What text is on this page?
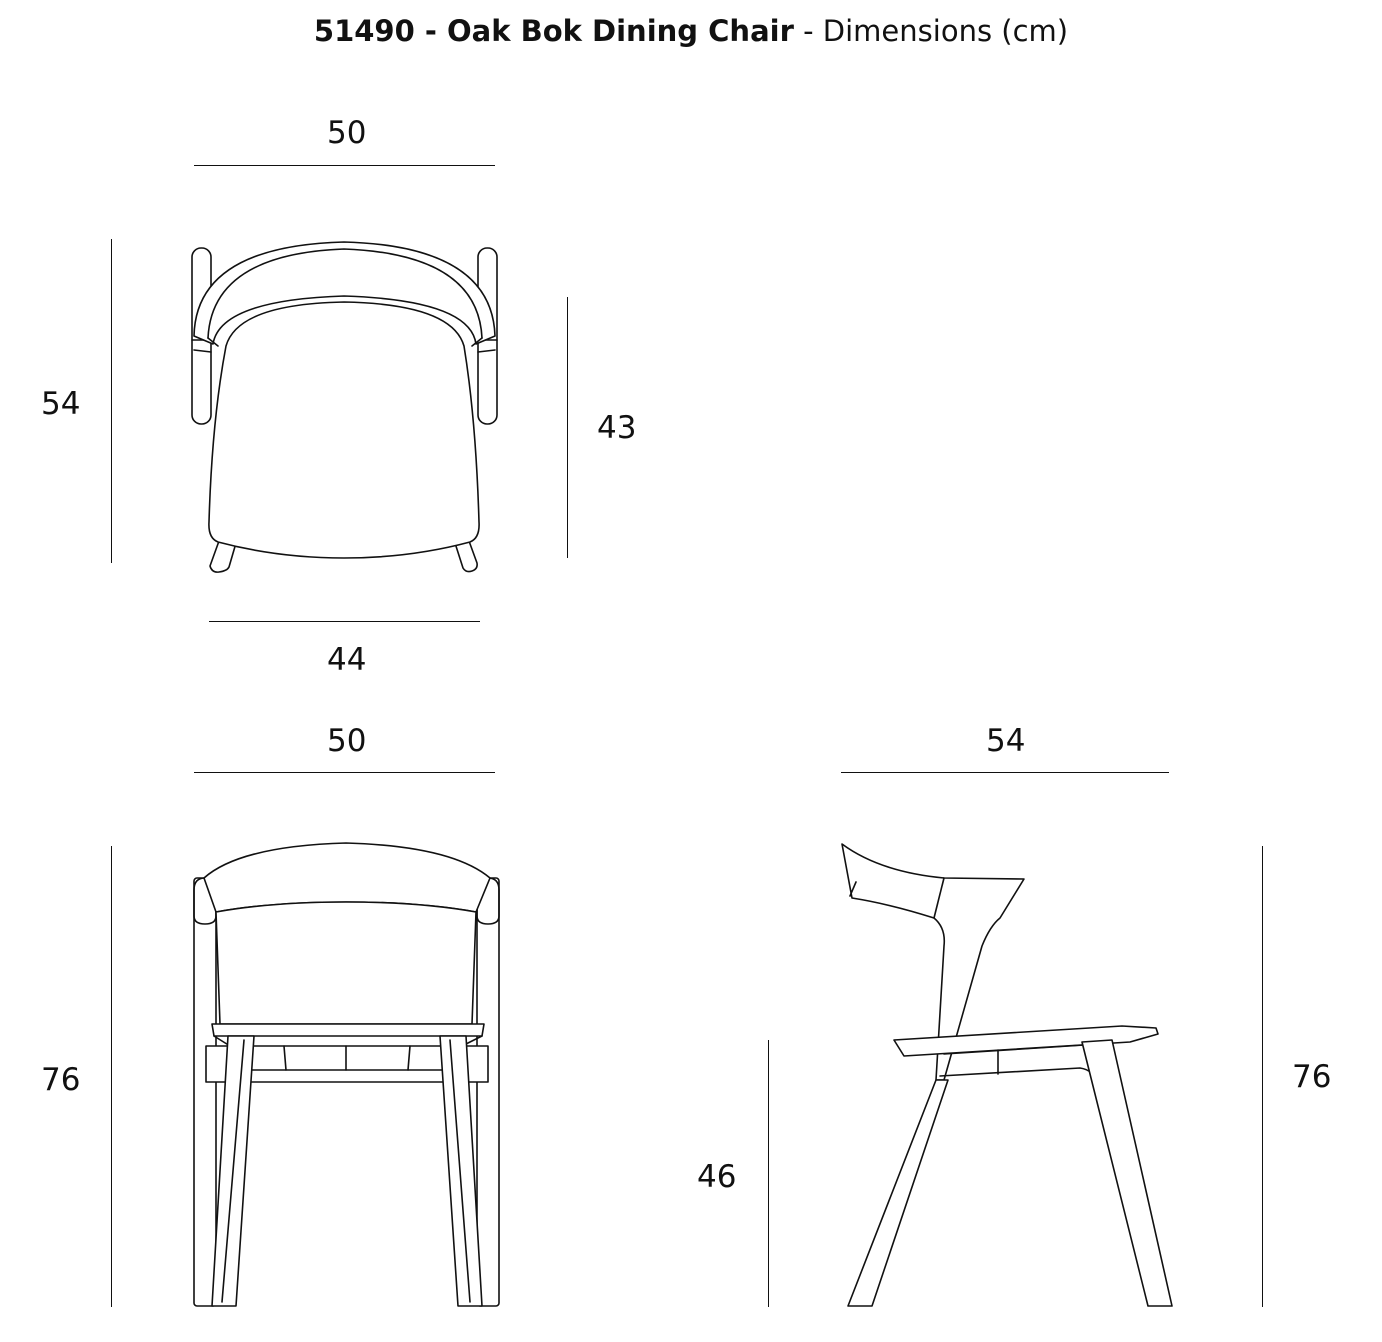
51490 - Oak Bok Dining Chair - Dimensions (cm)
50
54
43
44
50
76
54
46
76
